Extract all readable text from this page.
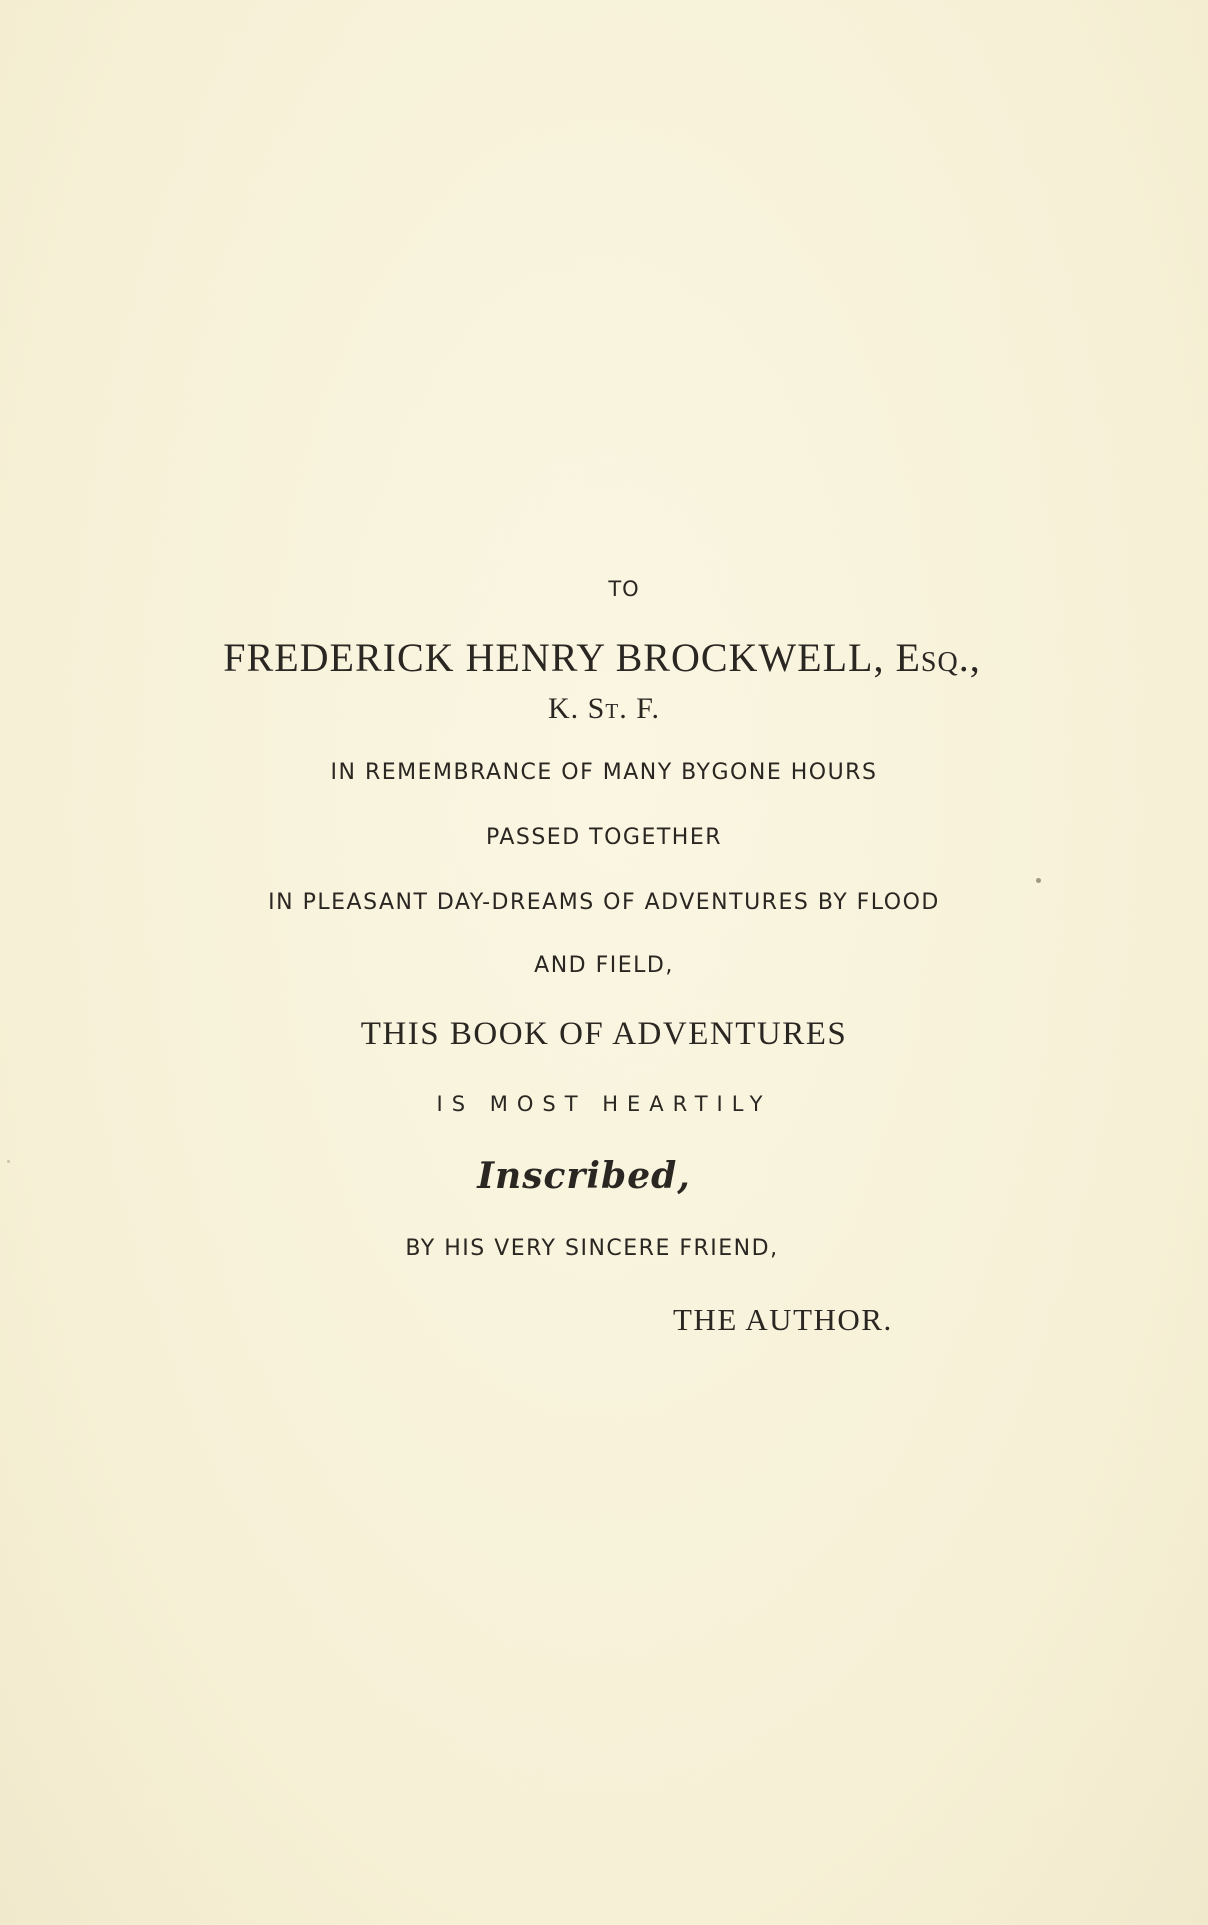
TO
FREDERICK HENRY BROCKWELL, Esq.,
K. St. F.
IN REMEMBRANCE OF MANY BYGONE HOURS
PASSED TOGETHER
IN PLEASANT DAY-DREAMS OF ADVENTURES BY FLOOD
AND FIELD,
THIS BOOK OF ADVENTURES
IS MOST HEARTILY
Inscribed,
BY HIS VERY SINCERE FRIEND,
THE AUTHOR.
